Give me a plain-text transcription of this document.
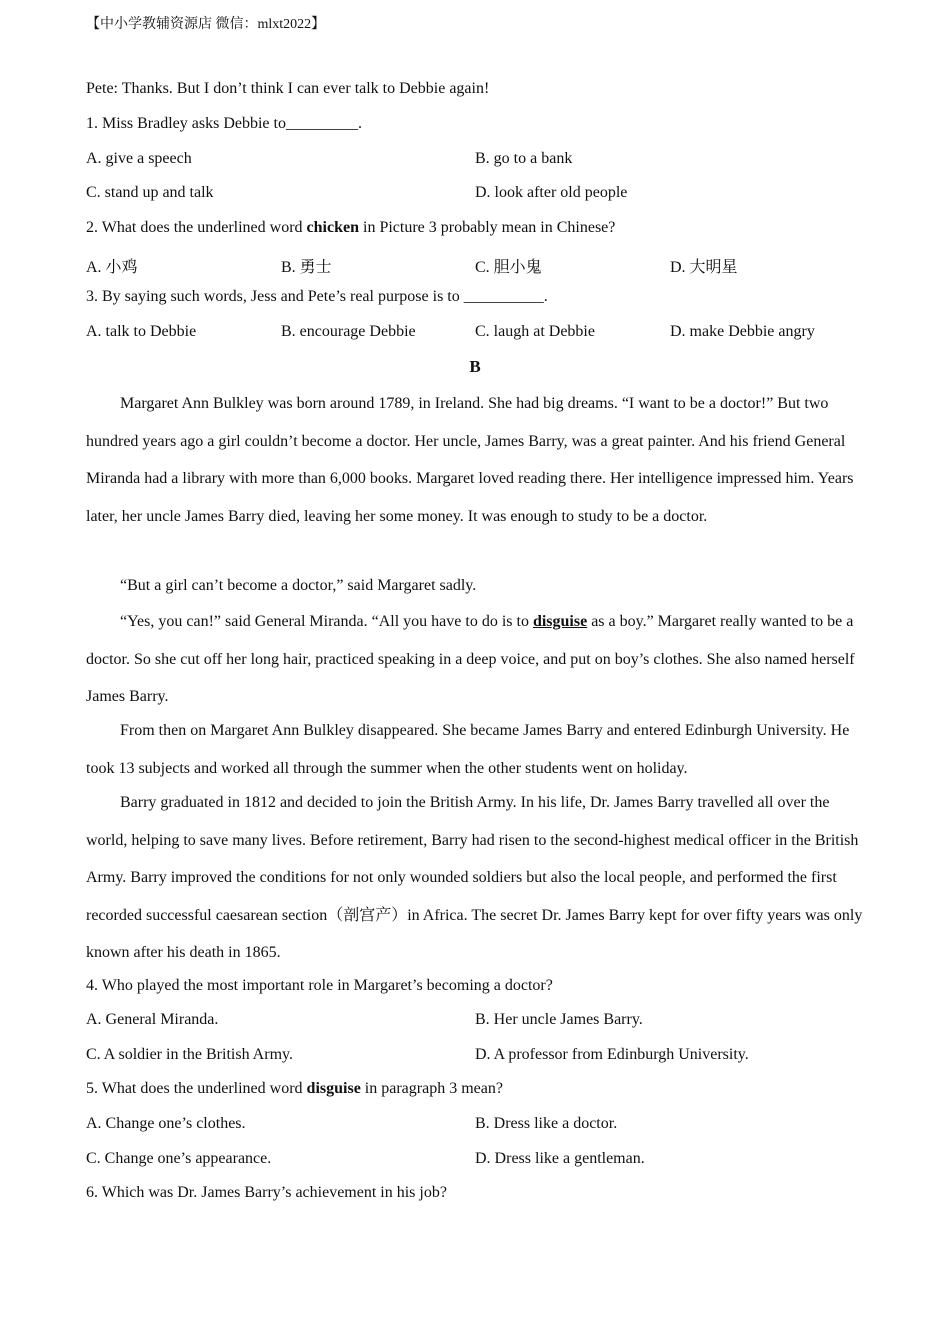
【中小学教辅资源店 微信：mlxt2022】
Pete: Thanks. But I don’t think I can ever talk to Debbie again!
1. Miss Bradley asks Debbie to_________.
A. give a speech	B. go to a bank
C. stand up and talk	D. look after old people
2. What does the underlined word chicken in Picture 3 probably mean in Chinese?
A. 小鸡	B. 勇士	C. 胆小鬼	D. 大明星
3. By saying such words, Jess and Pete’s real purpose is to __________.
A. talk to Debbie	B. encourage Debbie	C. laugh at Debbie	D. make Debbie angry
B
Margaret Ann Bulkley was born around 1789, in Ireland. She had big dreams. “I want to be a doctor!” But two hundred years ago a girl couldn’t become a doctor. Her uncle, James Barry, was a great painter. And his friend General Miranda had a library with more than 6,000 books. Margaret loved reading there. Her intelligence impressed him. Years later, her uncle James Barry died, leaving her some money. It was enough to study to be a doctor.
“But a girl can’t become a doctor,” said Margaret sadly.
“Yes, you can!” said General Miranda. “All you have to do is to disguise as a boy.” Margaret really wanted to be a doctor. So she cut off her long hair, practiced speaking in a deep voice, and put on boy’s clothes. She also named herself James Barry.
From then on Margaret Ann Bulkley disappeared. She became James Barry and entered Edinburgh University. He took 13 subjects and worked all through the summer when the other students went on holiday.
Barry graduated in 1812 and decided to join the British Army. In his life, Dr. James Barry travelled all over the world, helping to save many lives. Before retirement, Barry had risen to the second-highest medical officer in the British Army. Barry improved the conditions for not only wounded soldiers but also the local people, and performed the first recorded successful caesarean section（剖宫产）in Africa. The secret Dr. James Barry kept for over fifty years was only known after his death in 1865.
4. Who played the most important role in Margaret’s becoming a doctor?
A. General Miranda.	B. Her uncle James Barry.
C. A soldier in the British Army.	D. A professor from Edinburgh University.
5. What does the underlined word disguise in paragraph 3 mean?
A. Change one’s clothes.	B. Dress like a doctor.
C. Change one’s appearance.	D. Dress like a gentleman.
6. Which was Dr. James Barry’s achievement in his job?
